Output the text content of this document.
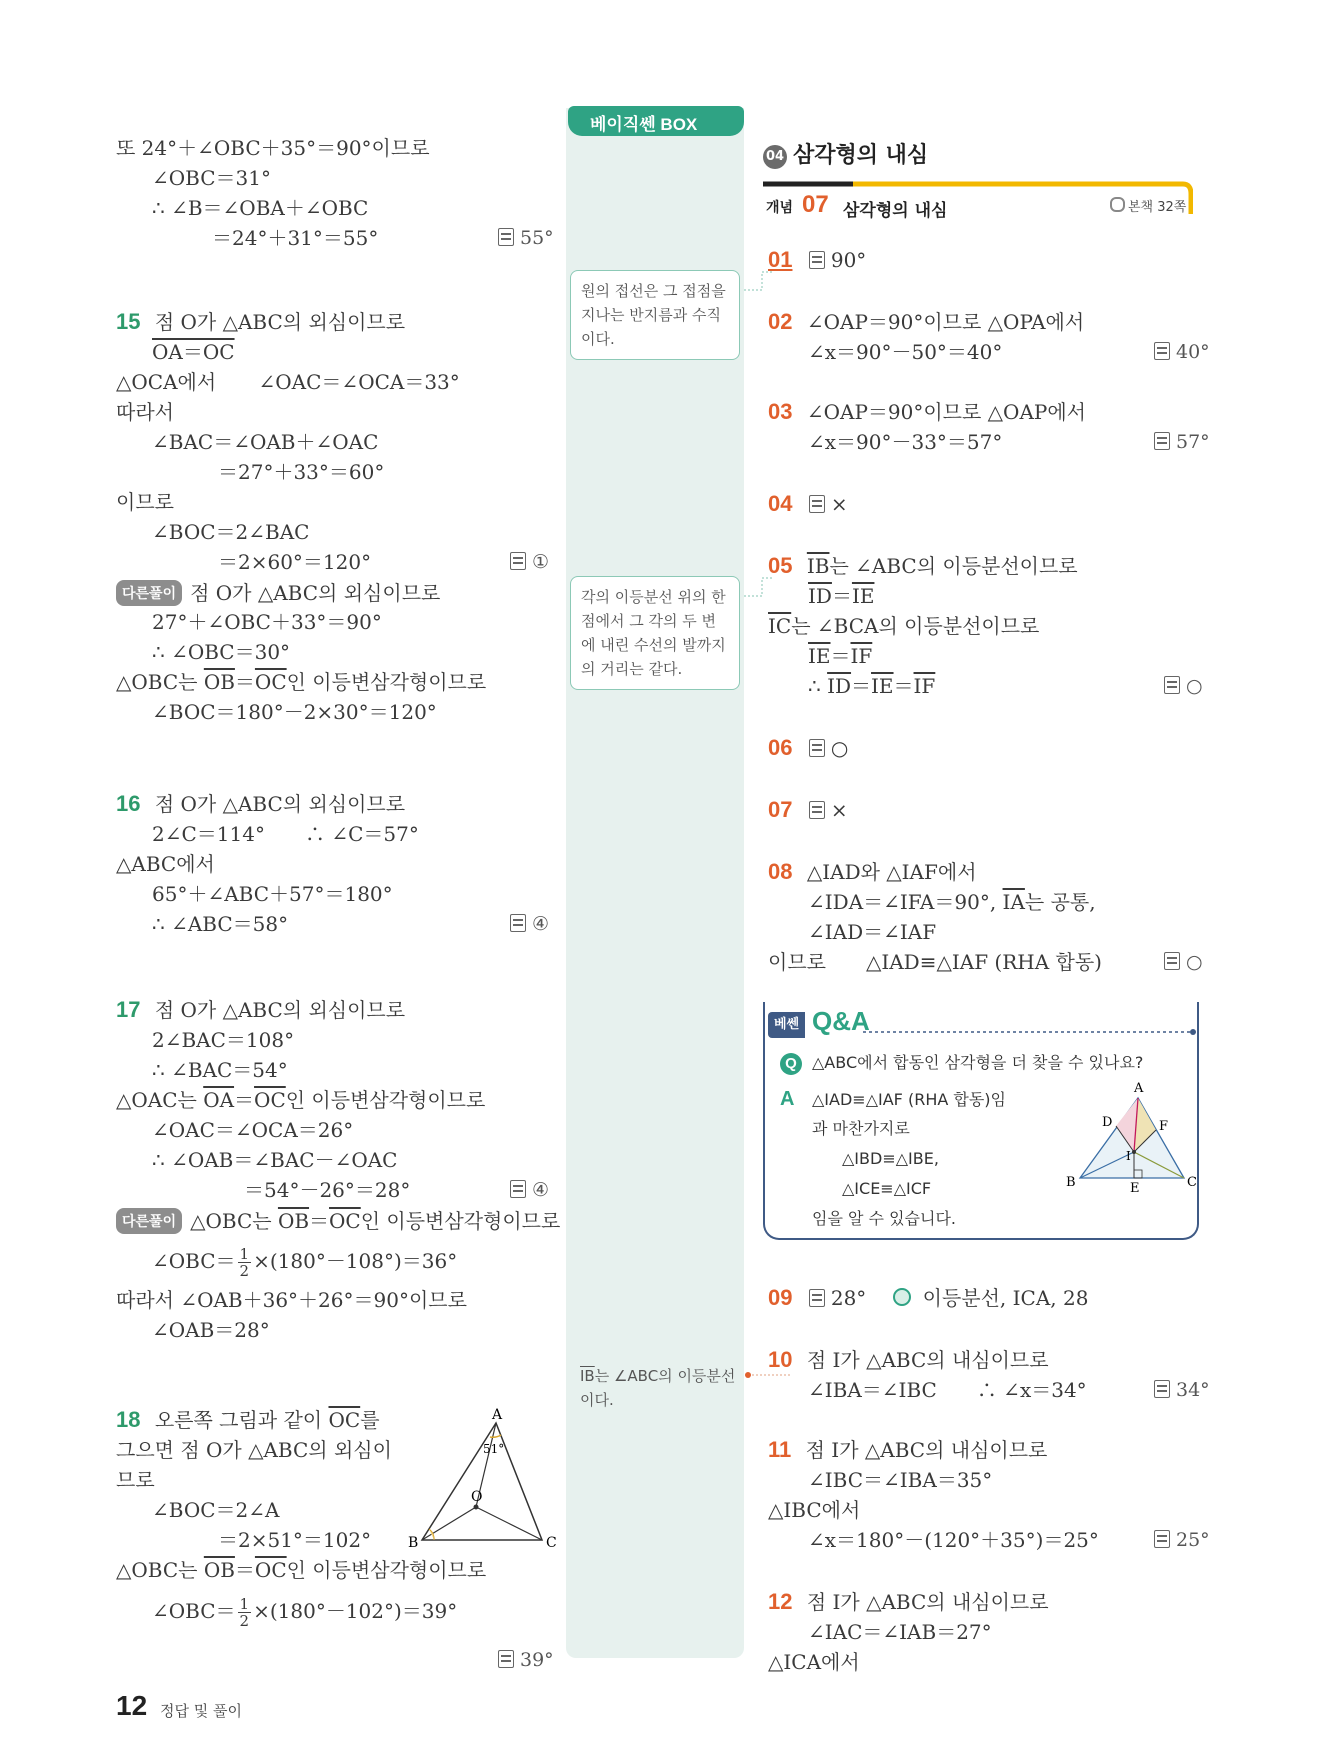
또 24°＋∠OBC＋35°＝90°이므로
∠OBC＝31°
∴ ∠B＝∠OBA＋∠OBC
＝24°＋31°＝55°	55°
15 점 O가 △ABC의 외심이므로
OA＝OC
△OCA에서 ∠OAC＝∠OCA＝33°
따라서
∠BAC＝∠OAB＋∠OAC
＝27°＋33°＝60°
이므로
∠BOC＝2∠BAC
＝2×60°＝120°	①
다른풀이 점 O가 △ABC의 외심이므로
27°＋∠OBC＋33°＝90°
∴ ∠OBC＝30°
△OBC는 $\overline{OB}=\overline{OC}$인 이등변삼각형이므로
∠BOC＝180°－2×30°＝120°
16 점 O가 △ABC의 외심이므로
2∠C＝114°　　∴ ∠C＝57°
△ABC에서
65°＋∠ABC＋57°＝180°
∴ ∠ABC＝58°	④
17 점 O가 △ABC의 외심이므로
2∠BAC＝108°
∴ ∠BAC＝54°
△OAC는 $\overline{OA}=\overline{OC}$인 이등변삼각형이므로
∠OAC＝∠OCA＝26°
∴ ∠OAB＝∠BAC－∠OAC
＝54°－26°＝28°	④
다른풀이 △OBC는 $\overline{OB}=\overline{OC}$인 이등변삼각형이므로
∠OBC＝ $\frac{1}{2} \times(180^\circ-108^\circ)=36^\circ$
따라서 ∠OAB＋36°＋26°＝90°이므로
∠OAB＝28°
18 오른쪽 그림과 같이 $\overline{OC}$를
그으면 점 O가 △ABC의 외심이
므로
∠BOC＝2∠A
＝2×51°＝102°
△OBC는 $\overline{OB}=\overline{OC}$인 이등변삼각형이므로
∠OBC＝ $\frac{1}{2} \times(180^\circ-102^\circ)=39^\circ$
39°
A
B	C
O
51°
베이직쎈 BOX
원의 접선은 그 접점을 지나는 반지름과 수직이다.
각의 이등분선 위의 한 점에서 그 각의 두 변에 내린 수선의 발까지의 거리는 같다.
$\overline{IB}$는 ∠ABC의 이등분선이다.
04 삼각형의 내심
개념 07 삼각형의 내심	본책 32쪽
01 90°
02 ∠OAP＝90°이므로 △OPA에서
∠x＝90°－50°＝40°	40°
03 ∠OAP＝90°이므로 △OAP에서
∠x＝90°－33°＝57°	57°
04 ×
05 $\overline{IB}$는 ∠ABC의 이등분선이므로
$\overline{ID}=\overline{IE}$
$\overline{IC}$는 ∠BCA의 이등분선이므로
$\overline{IE}=\overline{IF}$
∴ $\overline{ID}=\overline{IE}=\overline{IF}$	○
06 ○
07 ×
08 △IAD와 △IAF에서
∠IDA＝∠IFA＝90°, $\overline{IA}$는 공통,
∠IAD＝∠IAF
이므로　　△IAD≡△IAF (RHA 합동)	○
베쎈 Q&A
Q △ABC에서 합동인 삼각형을 더 찾을 수 있나요?
A △IAD≡△IAF (RHA 합동)임
과 마찬가지로
△IBD≡△IBE,
△ICE≡△ICF
임을 알 수 있습니다.
A
B	C
D
E
F
I
09 28°	이등분선, ICA, 28
10 점 I가 △ABC의 내심이므로
∠IBA＝∠IBC　　∴ ∠x＝34°	34°
11 점 I가 △ABC의 내심이므로
∠IBC＝∠IBA＝35°
△IBC에서
∠x＝180°－(120°＋35°)＝25°	25°
12 점 I가 △ABC의 내심이므로
∠IAC＝∠IAB＝27°
△ICA에서
12 정답 및 풀이
